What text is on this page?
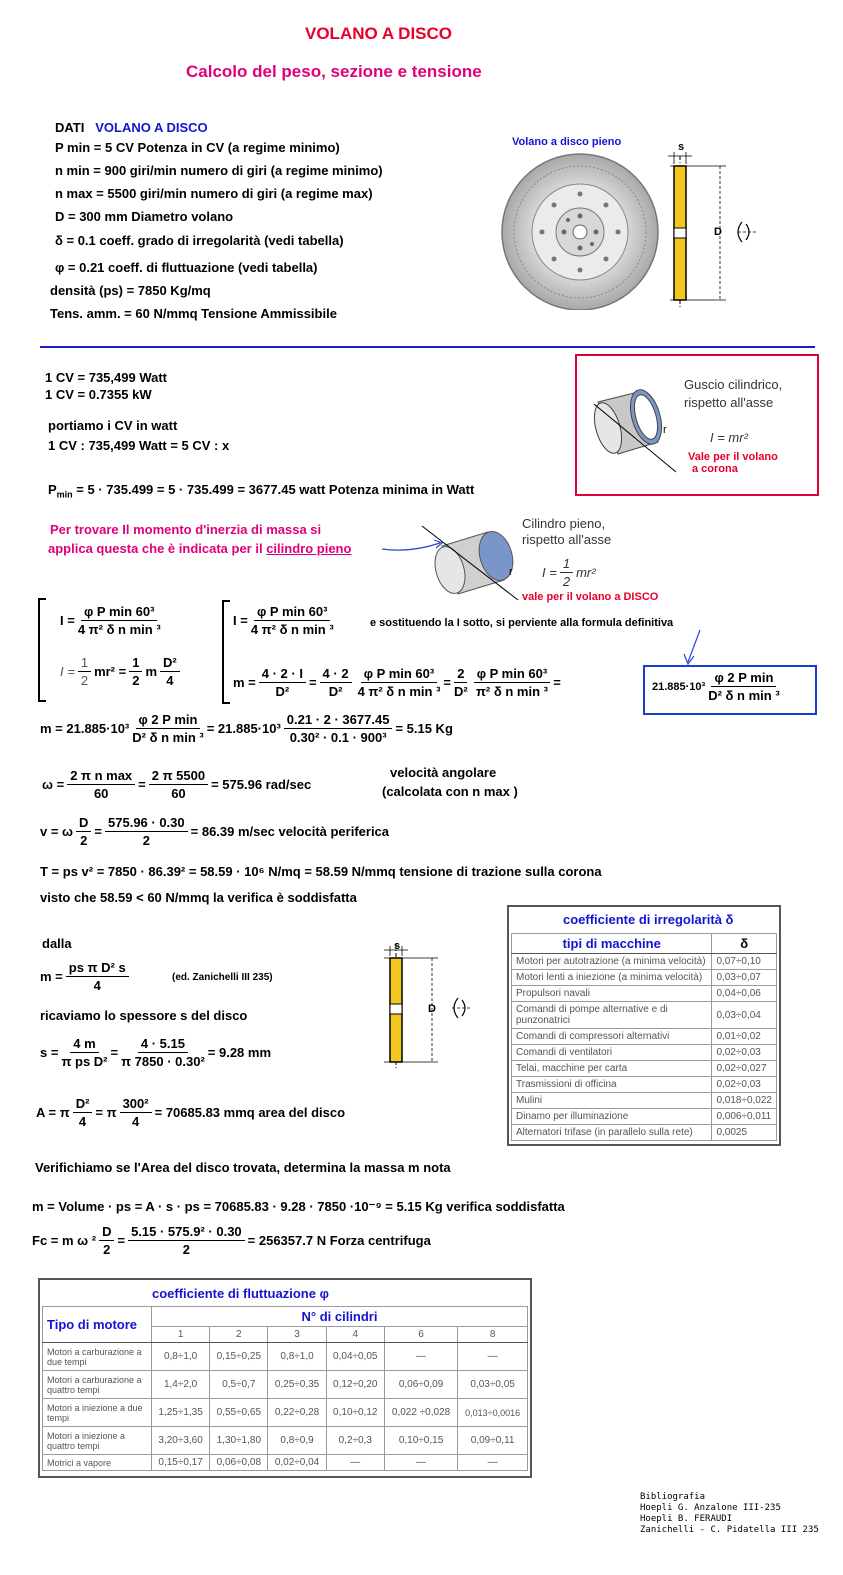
VOLANO A DISCO
Calcolo del peso, sezione e tensione
DATI VOLANO A DISCO
P min = 5 CV Potenza in CV (a regime minimo)
n min = 900 giri/min numero di giri (a regime minimo)
n max = 5500 giri/min numero di giri (a regime max)
D = 300 mm Diametro volano
δ = 0.1 coeff. grado di irregolarità (vedi tabella)
φ = 0.21 coeff. di fluttuazione (vedi tabella)
densità (ps) = 7850 Kg/mq
Tens. amm. = 60 N/mmq Tensione Ammissibile
Volano a disco pieno	s
D
1 CV = 735,499 Watt
1 CV = 0.7355 kW
portiamo i CV in watt
1 CV : 735,499 Watt = 5 CV : x
$P_{min} = 5 \cdot 735.499 = 5 \cdot 735.499 = 3677.45$ watt Potenza minima in Watt
r
Guscio cilindrico,
rispetto all'asse
I = mr²
Vale per il volano
a corona
Per trovare Il momento d'inerzia di massa si
applica questa che è indicata per il cilindro pieno
r
Cilindro pieno,
rispetto all'asse
$I = \frac{1}{2} mr^2$
vale per il volano a DISCO
$I = \frac{\text{φ P min 60³}}{\text{4 π² δ n min ³}}$
$I = \frac{1}{2} mr^2 = \frac{1}{2}$ m $\frac{\text{D²}}{4}$
$I = \frac{\text{φ P min 60³}}{\text{4 π² δ n min ³}}$	e sostituendo la I sotto, si perviente alla formula definitiva
$m = \frac{4 \cdot 2 \cdot I}{\text{D²}} = \frac{4 \cdot 2}{\text{D²}} \frac{\text{φ P min 60³}}{\text{4 π² δ n min ³}} = \frac{2}{\text{D²}} \frac{\text{φ P min 60³}}{\text{π² δ n min ³}}$ =	$21.885\cdot 10^3 \frac{\text{φ 2 P min}}{\text{D² δ n min ³}}$
$m = 21.885\cdot 10^3 \frac{\text{φ 2 P min}}{\text{D² δ n min ³}} = 21.885\cdot 10^3 \frac{0.21 \cdot 2 \cdot 3677.45}{\text{0.30² · 0.1 · 900³}} = 5.15$ Kg
$\omega = \frac{\text{2 π n max}}{60} = \frac{2 \pi 5500}{60} = 575.96$ rad/sec
velocità angolare
(calcolata con n max )
v = ω $\frac{D}{2} = \frac{575.96 \cdot 0.30}{2} = 86.39$ m/sec velocità periferica
T = ps v² = 7850 · 86.39² = 58.59 · 10⁶ N/mq = 58.59 N/mmq tensione di trazione sulla corona
visto che 58.59 < 60 N/mmq la verifica è soddisfatta
dalla
$m = \frac{\text{ps π D² s}}{4}$	(ed. Zanichelli III 235)
ricaviamo lo spessore s del disco
$s = \frac{4 m}{\text{π ps D²}} = \frac{4 \cdot 5.15}{\text{π 7850 · 0.30²}} = 9.28$ mm
A = π $\frac{\text{D²}}{4} = \pi \frac{\text{300²}}{4} = 70685.83$ mmq area del disco
s
D
coefficiente di irregolarità δ
tipi di macchine	δ
Motori per autotrazione (a minima velocità)	0,07÷0,10
Motori lenti a iniezione (a minima velocità)	0,03÷0,07
Propulsori navali	0,04÷0,06
Comandi di pompe alternative e di punzonatrici	0,03÷0,04
Comandi di compressori alternativi	0,01÷0,02
Comandi di ventilatori	0,02÷0,03
Telai, macchine per carta	0,02÷0,027
Trasmissioni di officina	0,02÷0,03
Mulini	0,018÷0,022
Dinamo per illuminazione	0,006÷0,011
Alternatori trifase (in parallelo sulla rete)	0,0025
Verifichiamo se l'Area del disco trovata, determina la massa m nota
m = Volume · ps = A · s · ps = 70685.83 · 9.28 · 7850 ·10⁻⁹ = 5.15 Kg verifica soddisfatta
Fc = m ω $^2 \frac{D}{2} = \frac{\text{5.15 · 575.9² · 0.30}}{2} = 256357.7$ N Forza centrifuga
coefficiente di fluttuazione φ
Tipo di motore	N° di cilindri					
	1	2	3	4	6	8
Motori a carburazione a due tempi	0,8÷1,0	0,15÷0,25	0,8÷1,0	0,04÷0,05	—	—
Motori a carburazione a quattro tempi	1,4÷2,0	0,5÷0,7	0,25÷0,35	0,12÷0,20	0,06÷0,09	0,03÷0,05
Motori a iniezione a due tempi	1,25÷1,35	0,55÷0,65	0,22÷0,28	0,10÷0,12	0,022 ÷0,028	0,013÷0,0016
Motori a iniezione a quattro tempi	3,20÷3,60	1,30÷1,80	0,8÷0,9	0,2÷0,3	0,10÷0,15	0,09÷0,11
Motrici a vapore	0,15÷0,17	0,06÷0,08	0,02÷0,04	—	—	—
Bibliografia
Hoepli G. Anzalone III-235
Hoepli B. FERAUDI
Zanichelli - C. Pidatella III 235
